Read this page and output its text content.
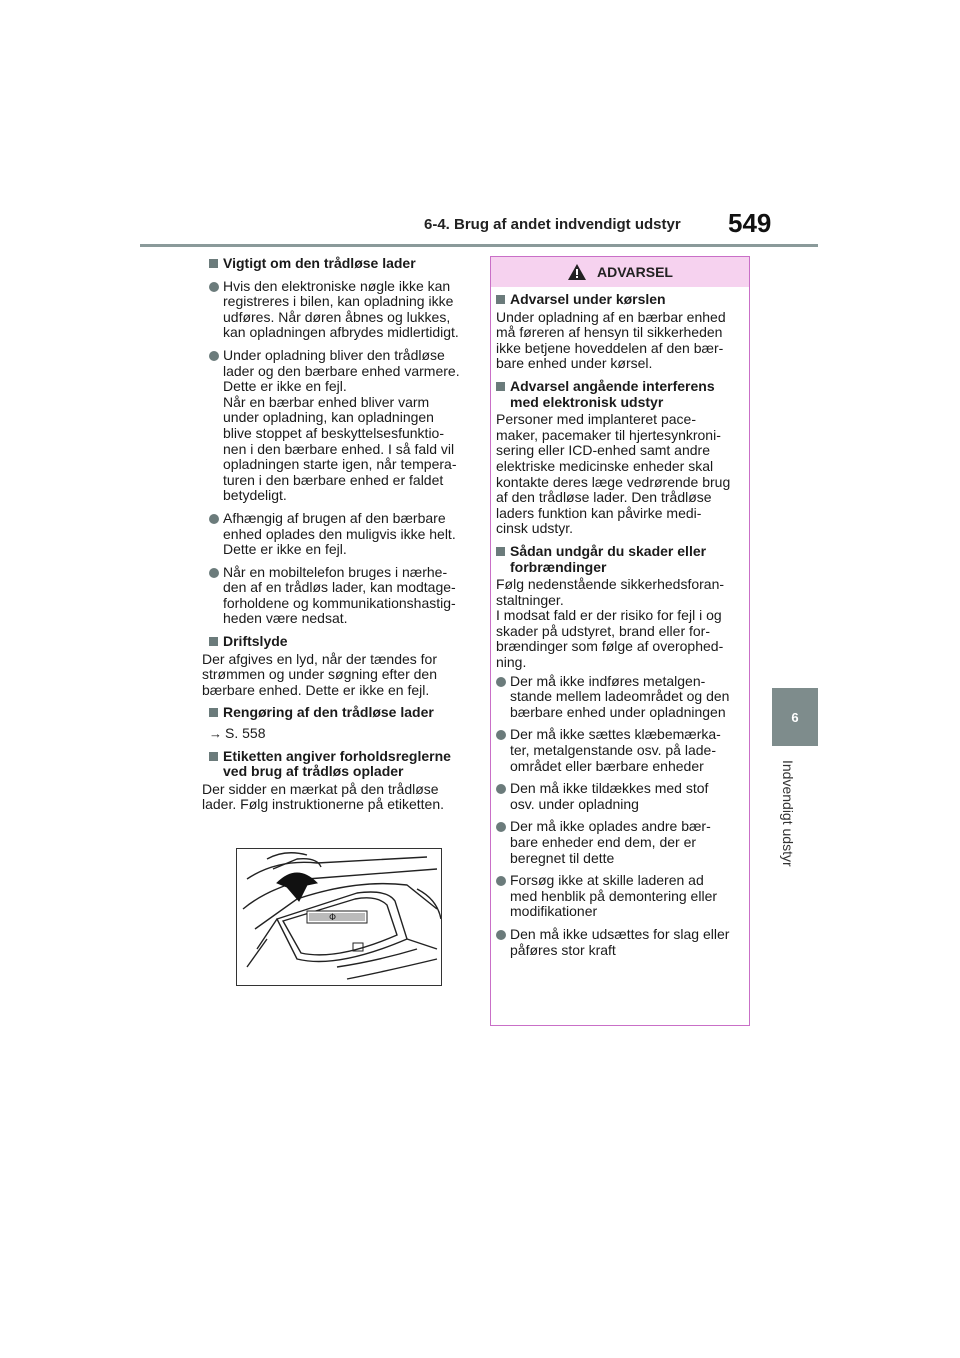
6-4. Brug af andet indvendigt udstyr 549
6
Indvendigt udstyr
Vigtigt om den trådløse lader

Hvis den elektroniske nøgle ikke kan
registreres i bilen, kan opladning ikke
udføres. Når døren åbnes og lukkes,
kan opladningen afbrydes midlertidigt.

Under opladning bliver den trådløse
lader og den bærbare enhed varmere.
Dette er ikke en fejl.
Når en bærbar enhed bliver varm
under opladning, kan opladningen
blive stoppet af beskyttelsesfunktio-
nen i den bærbare enhed. I så fald vil
opladningen starte igen, når tempera-
turen i den bærbare enhed er faldet
betydeligt.

Afhængig af brugen af den bærbare
enhed oplades den muligvis ikke helt.
Dette er ikke en fejl.

Når en mobiltelefon bruges i nærhe-
den af en trådløs lader, kan modtage-
forholdene og kommunikationshastig-
heden være nedsat.

Driftslyde

Der afgives en lyd, når der tændes for
strømmen og under søgning efter den
bærbare enhed. Dette er ikke en fejl.

Rengøring af den trådløse lader
→ S. 558
Etiketten angiver forholdsreglerne
ved brug af trådløs oplader

Der sidder en mærkat på den trådløse
lader. Følg instruktionerne på etiketten.

Φ
ADVARSEL
Advarsel under kørslen

Under opladning af en bærbar enhed
må føreren af hensyn til sikkerheden
ikke betjene hoveddelen af den bær-
bare enhed under kørsel.

Advarsel angående interferens
med elektronisk udstyr

Personer med implanteret pace-
maker, pacemaker til hjertesynkroni-
sering eller ICD-enhed samt andre
elektriske medicinske enheder skal
kontakte deres læge vedrørende brug
af den trådløse lader. Den trådløse
laders funktion kan påvirke medi-
cinsk udstyr.

Sådan undgår du skader eller
forbrændinger

Følg nedenstående sikkerhedsforan-
staltninger.
I modsat fald er der risiko for fejl i og
skader på udstyret, brand eller for-
brændinger som følge af overophed-
ning.

Der må ikke indføres metalgen-
stande mellem ladeområdet og den
bærbare enhed under opladningen

Der må ikke sættes klæbemærka-
ter, metalgenstande osv. på lade-
området eller bærbare enheder

Den må ikke tildækkes med stof
osv. under opladning

Der må ikke oplades andre bær-
bare enheder end dem, der er
beregnet til dette

Forsøg ikke at skille laderen ad
med henblik på demontering eller
modifikationer

Den må ikke udsættes for slag eller
påføres stor kraft
